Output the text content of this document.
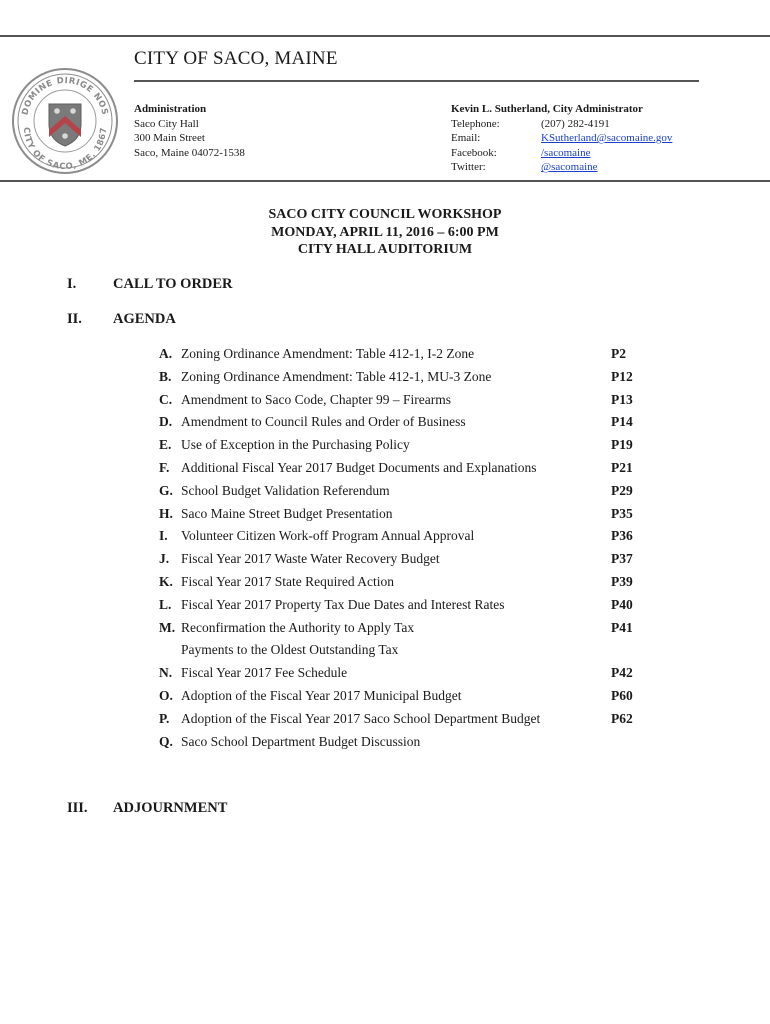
DOMINE DIRIGE NOS
CITY OF SACO, ME. 1867
CITY OF SACO, MAINE
Administration
Saco City Hall
300 Main Street
Saco, Maine 04072-1538
Kevin L. Sutherland, City Administrator
Telephone:	(207) 282-4191
Email:	KSutherland@sacomaine.gov
Facebook:	/sacomaine
Twitter:	@sacomaine
SACO CITY COUNCIL WORKSHOP
MONDAY, APRIL 11, 2016 – 6:00 PM
CITY HALL AUDITORIUM
I.	CALL TO ORDER
II. AGENDA
A. Zoning Ordinance Amendment: Table 412-1, I-2 Zone	P2
B. Zoning Ordinance Amendment: Table 412-1, MU-3 Zone	P12
C. Amendment to Saco Code, Chapter 99 – Firearms	P13
D. Amendment to Council Rules and Order of Business	P14
E. Use of Exception in the Purchasing Policy	P19
F. Additional Fiscal Year 2017 Budget Documents and Explanations	P21
G. School Budget Validation Referendum	P29
H. Saco Maine Street Budget Presentation	P35
I. Volunteer Citizen Work-off Program Annual Approval	P36
J. Fiscal Year 2017 Waste Water Recovery Budget	P37
K. Fiscal Year 2017 State Required Action	P39
L. Fiscal Year 2017 Property Tax Due Dates and Interest Rates	P40
M. Reconfirmation the Authority to Apply Tax	P41
Payments to the Oldest Outstanding Tax
N. Fiscal Year 2017 Fee Schedule	P42
O. Adoption of the Fiscal Year 2017 Municipal Budget	P60
P. Adoption of the Fiscal Year 2017 Saco School Department Budget	P62
Q. Saco School Department Budget Discussion
III. ADJOURNMENT
